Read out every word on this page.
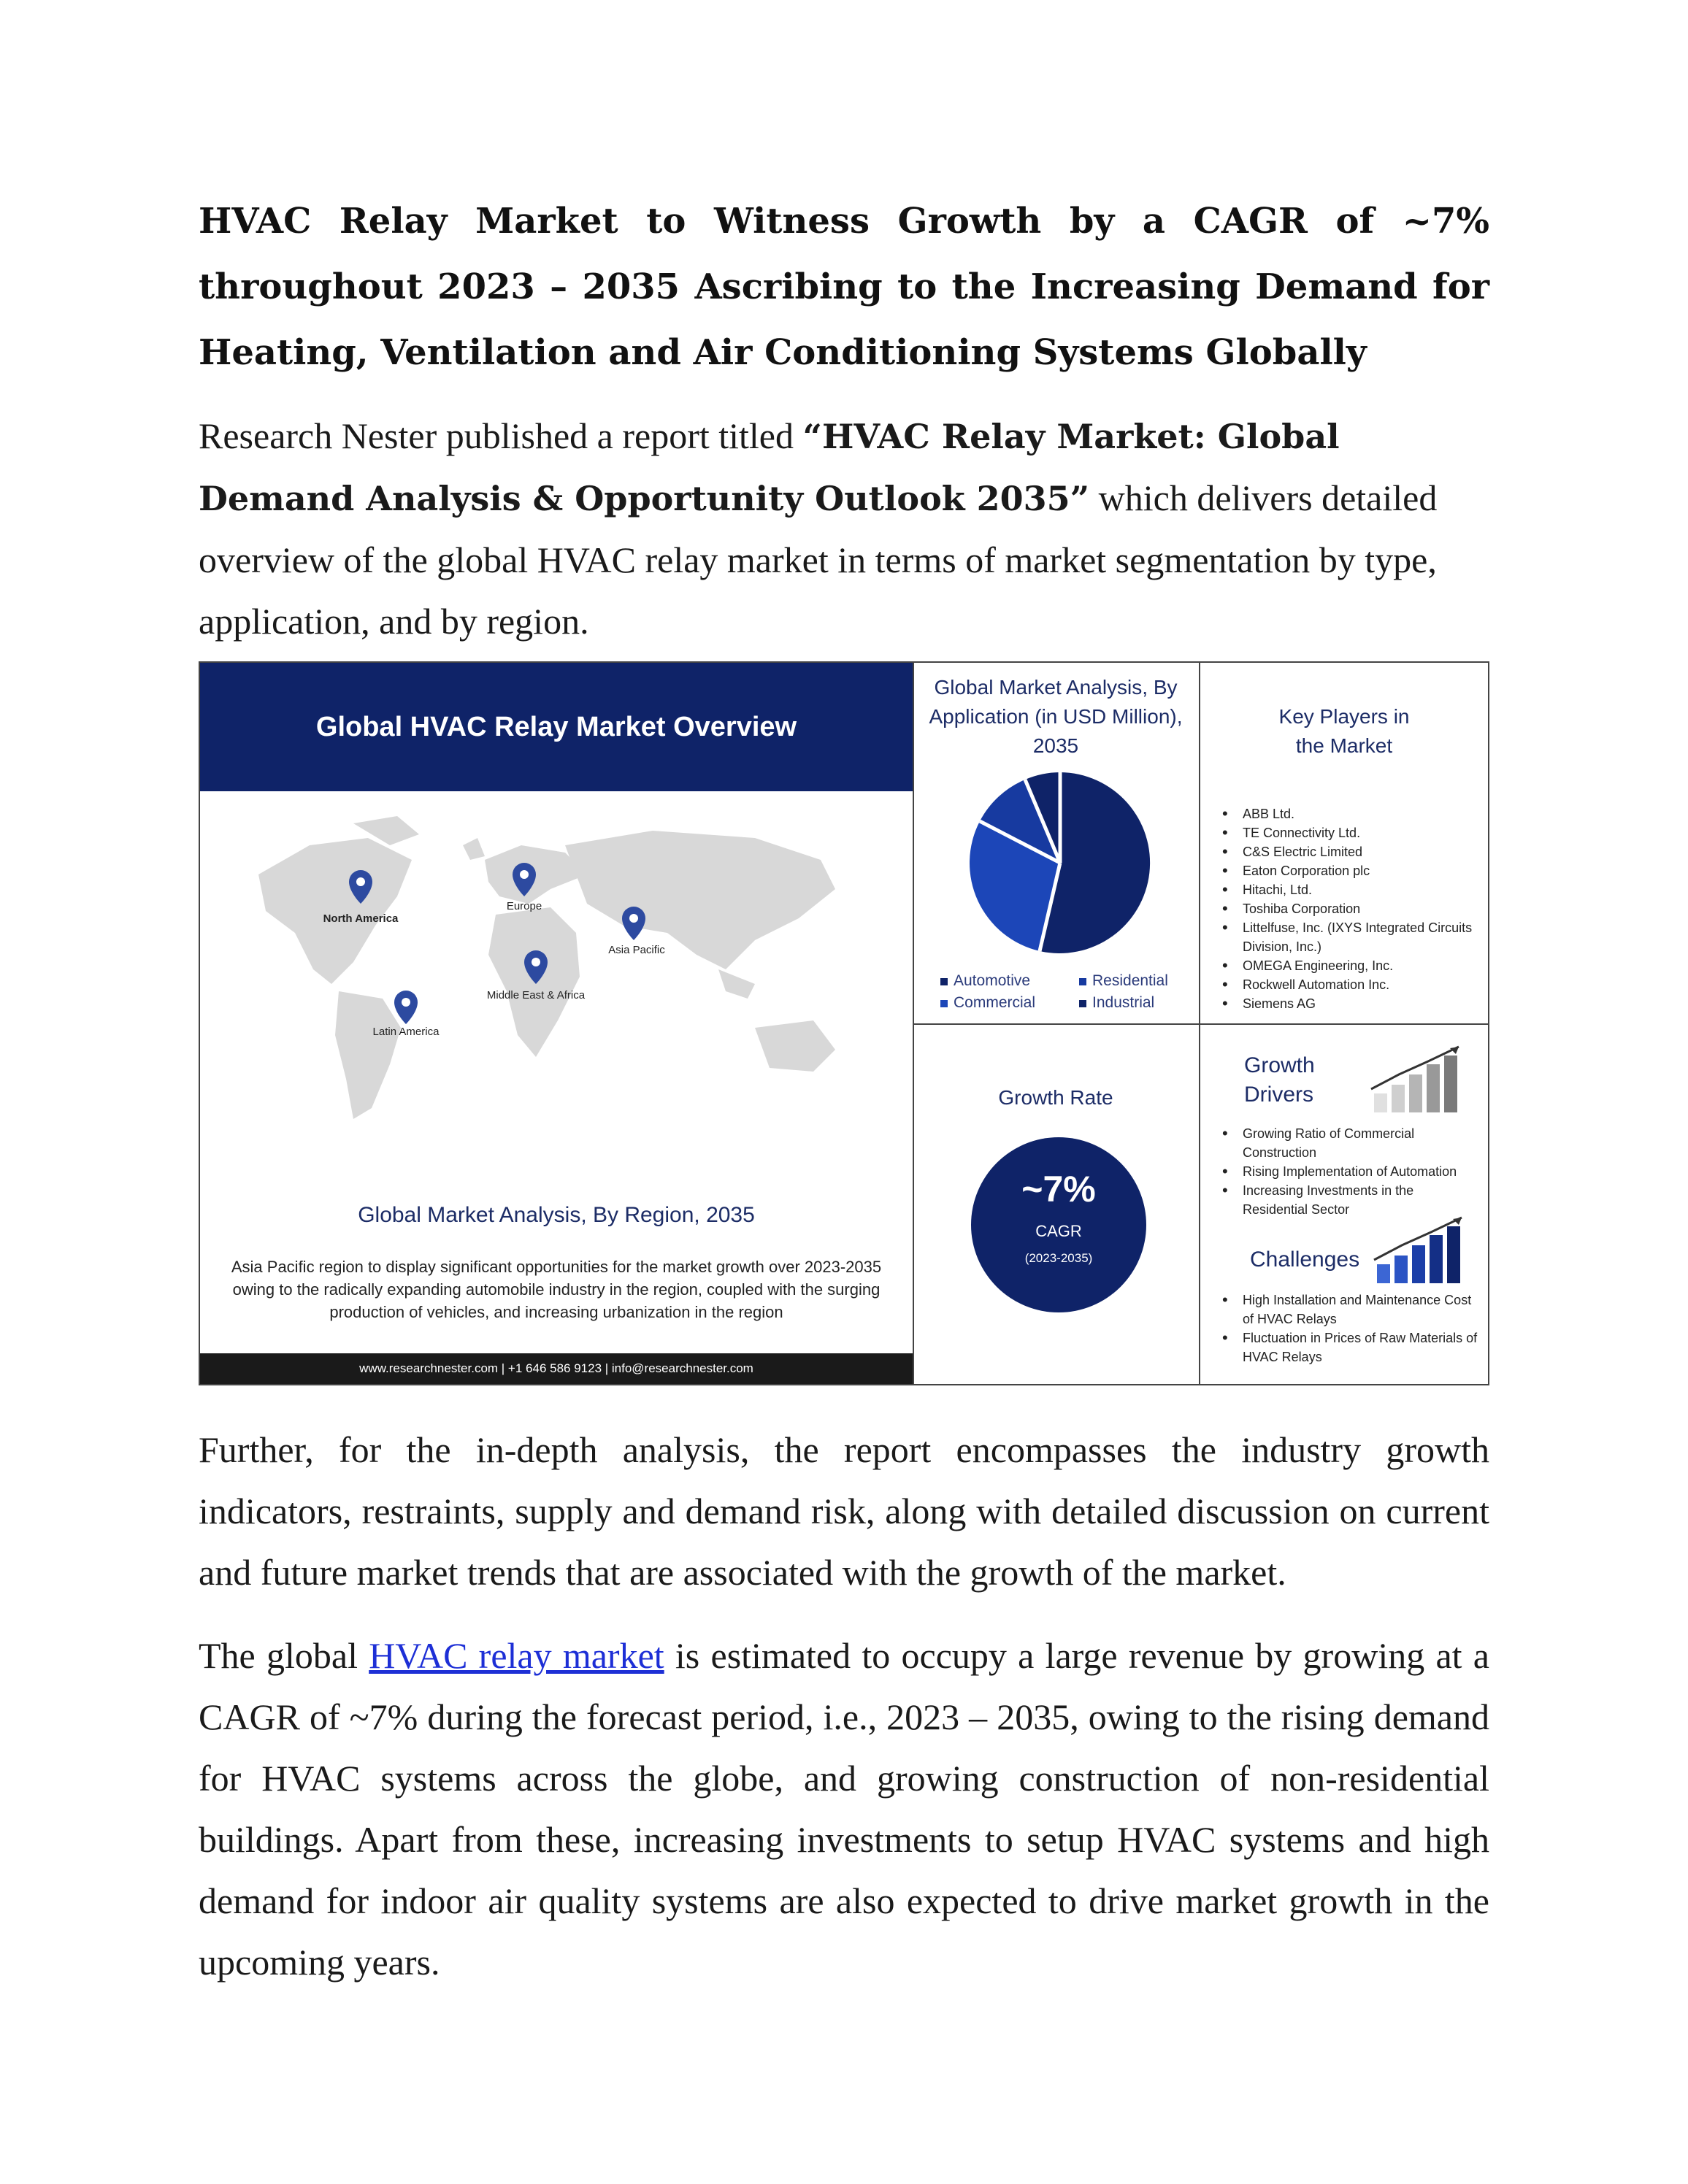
HVAC Relay Market to Witness Growth by a CAGR of ~7% throughout 2023 – 2035 Ascribing to the Increasing Demand for Heating, Ventilation and Air Conditioning Systems Globally

Research Nester published a report titled “HVAC Relay Market: Global Demand Analysis & Opportunity Outlook 2035” which delivers detailed overview of the global HVAC relay market in terms of market segmentation by type, application, and by region.

Global HVAC Relay Market Overview
North America
Europe
Asia Pacific
Middle East & Africa
Latin America
Global Market Analysis, By Region, 2035
Asia Pacific region to display significant opportunities for the market growth over 2023-2035 owing to the radically expanding automobile industry in the region, coupled with the surging production of vehicles, and increasing urbanization in the region
www.researchnester.com | +1 646 586 9123 | info@researchnester.com
Global Market Analysis, By Application (in USD Million), 2035
Automotive	Residential
Commercial	Industrial
Key Players in the Market
• ABB Ltd.
• TE Connectivity Ltd.
• C&S Electric Limited
• Eaton Corporation plc
• Hitachi, Ltd.
• Toshiba Corporation
• Littelfuse, Inc. (IXYS Integrated Circuits Division, Inc.)
• OMEGA Engineering, Inc.
• Rockwell Automation Inc.
• Siemens AG
Growth Rate
~7%
CAGR
(2023-2035)
Growth Drivers
• Growing Ratio of Commercial Construction
• Rising Implementation of Automation
• Increasing Investments in the Residential Sector
Challenges
• High Installation and Maintenance Cost of HVAC Relays
• Fluctuation in Prices of Raw Materials of HVAC Relays

Further, for the in-depth analysis, the report encompasses the industry growth indicators, restraints, supply and demand risk, along with detailed discussion on current and future market trends that are associated with the growth of the market.

The global HVAC relay market is estimated to occupy a large revenue by growing at a CAGR of ~7% during the forecast period, i.e., 2023 – 2035, owing to the rising demand for HVAC systems across the globe, and growing construction of non-residential buildings. Apart from these, increasing investments to setup HVAC systems and high demand for indoor air quality systems are also expected to drive market growth in the upcoming years.
